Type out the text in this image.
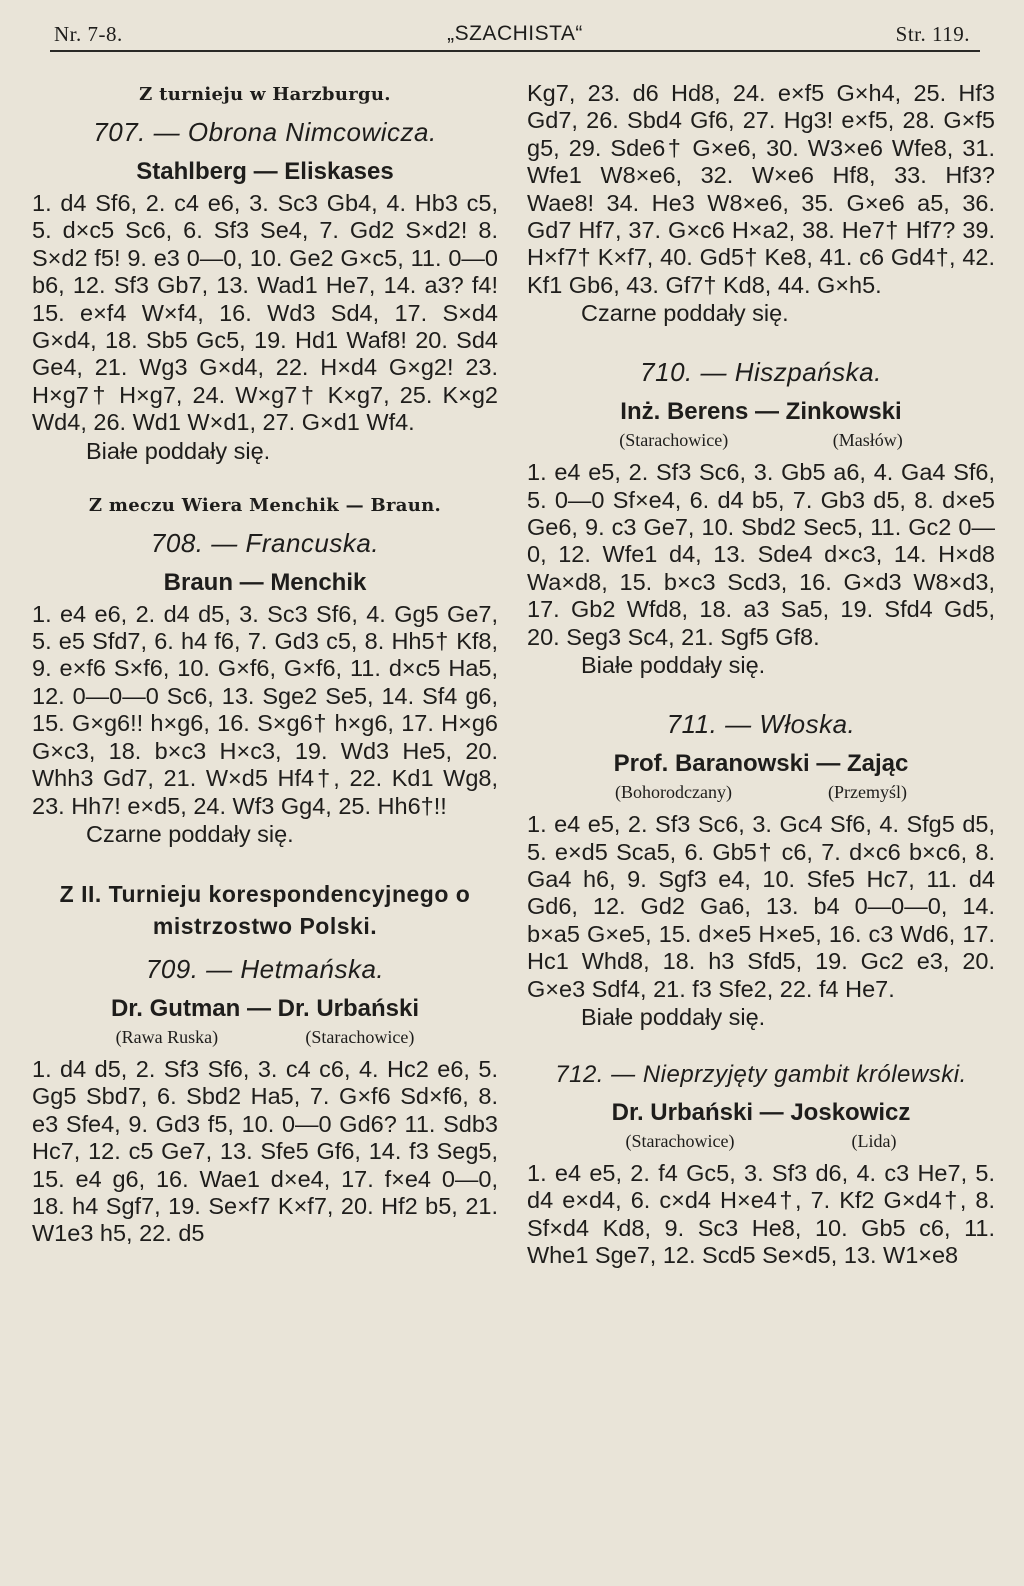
Nr. 7-8.	„SZACHISTA“	Str. 119.
Z turnieju w Harzburgu.
707. — Obrona Nimcowicza.
Stahlberg — Eliskases
1. d4 Sf6, 2. c4 e6, 3. Sc3 Gb4, 4. Hb3 c5, 5. d×c5 Sc6, 6. Sf3 Se4, 7. Gd2 S×d2! 8. S×d2 f5! 9. e3 0—0, 10. Ge2 G×c5, 11. 0—0 b6, 12. Sf3 Gb7, 13. Wad1 He7, 14. a3? f4! 15. e×f4 W×f4, 16. Wd3 Sd4, 17. S×d4 G×d4, 18. Sb5 Gc5, 19. Hd1 Waf8! 20. Sd4 Ge4, 21. Wg3 G×d4, 22. H×d4 G×g2! 23. H×g7† H×g7, 24. W×g7† K×g7, 25. K×g2 Wd4, 26. Wd1 W×d1, 27. G×d1 Wf4.
Białe poddały się.
Z meczu Wiera Menchik — Braun.
708. — Francuska.
Braun — Menchik
1. e4 e6, 2. d4 d5, 3. Sc3 Sf6, 4. Gg5 Ge7, 5. e5 Sfd7, 6. h4 f6, 7. Gd3 c5, 8. Hh5† Kf8, 9. e×f6 S×f6, 10. G×f6, G×f6, 11. d×c5 Ha5, 12. 0—0—0 Sc6, 13. Sge2 Se5, 14. Sf4 g6, 15. G×g6!! h×g6, 16. S×g6† h×g6, 17. H×g6 G×c3, 18. b×c3 H×c3, 19. Wd3 He5, 20. Whh3 Gd7, 21. W×d5 Hf4†, 22. Kd1 Wg8, 23. Hh7! e×d5, 24. Wf3 Gg4, 25. Hh6†!!
Czarne poddały się.
Z II. Turnieju korespondencyjnego o mistrzostwo Polski.
709. — Hetmańska.
Dr. Gutman — Dr. Urbański
(Rawa Ruska)	(Starachowice)
1. d4 d5, 2. Sf3 Sf6, 3. c4 c6, 4. Hc2 e6, 5. Gg5 Sbd7, 6. Sbd2 Ha5, 7. G×f6 Sd×f6, 8. e3 Sfe4, 9. Gd3 f5, 10. 0—0 Gd6? 11. Sdb3 Hc7, 12. c5 Ge7, 13. Sfe5 Gf6, 14. f3 Seg5, 15. e4 g6, 16. Wae1 d×e4, 17. f×e4 0—0, 18. h4 Sgf7, 19. Se×f7 K×f7, 20. Hf2 b5, 21. W1e3 h5, 22. d5
Kg7, 23. d6 Hd8, 24. e×f5 G×h4, 25. Hf3 Gd7, 26. Sbd4 Gf6, 27. Hg3! e×f5, 28. G×f5 g5, 29. Sde6† G×e6, 30. W3×e6 Wfe8, 31. Wfe1 W8×e6, 32. W×e6 Hf8, 33. Hf3? Wae8! 34. He3 W8×e6, 35. G×e6 a5, 36. Gd7 Hf7, 37. G×c6 H×a2, 38. He7† Hf7? 39. H×f7† K×f7, 40. Gd5† Ke8, 41. c6 Gd4†, 42. Kf1 Gb6, 43. Gf7† Kd8, 44. G×h5.
Czarne poddały się.
710. — Hiszpańska.
Inż. Berens — Zinkowski
(Starachowice)	(Masłów)
1. e4 e5, 2. Sf3 Sc6, 3. Gb5 a6, 4. Ga4 Sf6, 5. 0—0 Sf×e4, 6. d4 b5, 7. Gb3 d5, 8. d×e5 Ge6, 9. c3 Ge7, 10. Sbd2 Sec5, 11. Gc2 0—0, 12. Wfe1 d4, 13. Sde4 d×c3, 14. H×d8 Wa×d8, 15. b×c3 Scd3, 16. G×d3 W8×d3, 17. Gb2 Wfd8, 18. a3 Sa5, 19. Sfd4 Gd5, 20. Seg3 Sc4, 21. Sgf5 Gf8.
Białe poddały się.
711. — Włoska.
Prof. Baranowski — Zając
(Bohorodczany)	(Przemyśl)
1. e4 e5, 2. Sf3 Sc6, 3. Gc4 Sf6, 4. Sfg5 d5, 5. e×d5 Sca5, 6. Gb5† c6, 7. d×c6 b×c6, 8. Ga4 h6, 9. Sgf3 e4, 10. Sfe5 Hc7, 11. d4 Gd6, 12. Gd2 Ga6, 13. b4 0—0—0, 14. b×a5 G×e5, 15. d×e5 H×e5, 16. c3 Wd6, 17. Hc1 Whd8, 18. h3 Sfd5, 19. Gc2 e3, 20. G×e3 Sdf4, 21. f3 Sfe2, 22. f4 He7.
Białe poddały się.
712. — Nieprzyjęty gambit królewski.
Dr. Urbański — Joskowicz
(Starachowice)	(Lida)
1. e4 e5, 2. f4 Gc5, 3. Sf3 d6, 4. c3 He7, 5. d4 e×d4, 6. c×d4 H×e4†, 7. Kf2 G×d4†, 8. Sf×d4 Kd8, 9. Sc3 He8, 10. Gb5 c6, 11. Whe1 Sge7, 12. Scd5 Se×d5, 13. W1×e8
